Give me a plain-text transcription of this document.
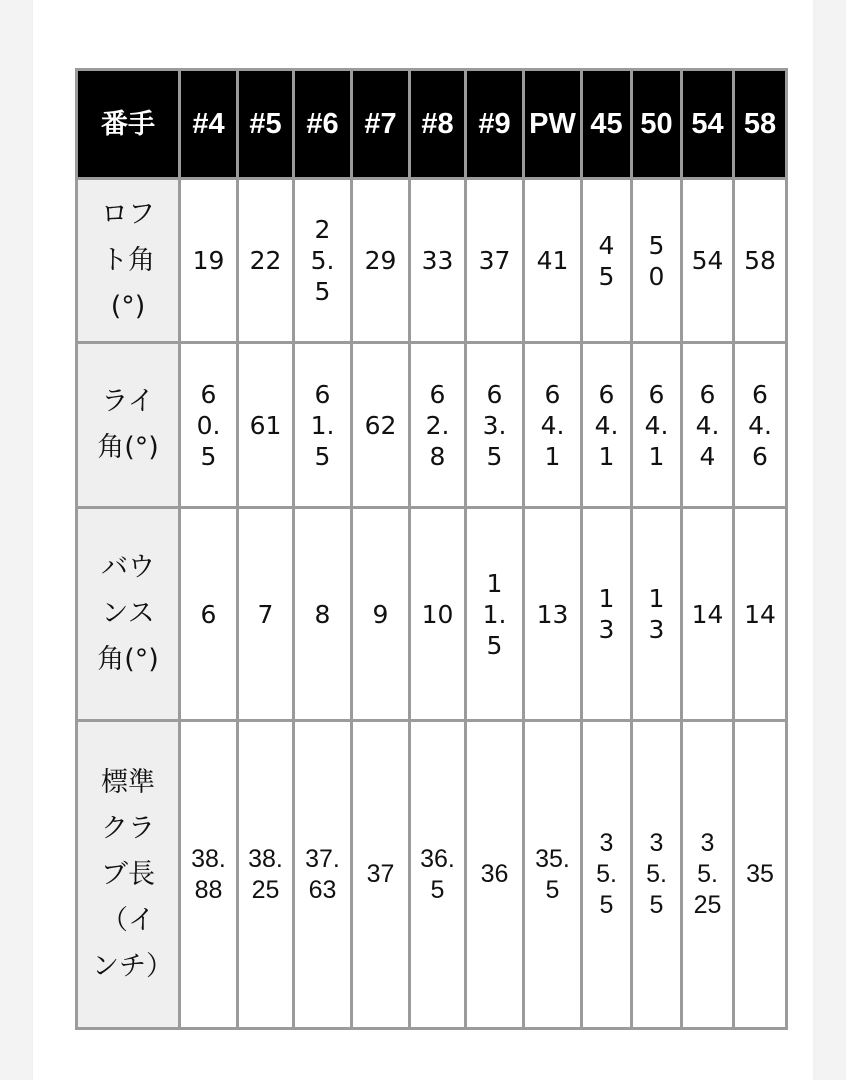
番手	#4	#5	#6	#7	#8	#9	PW	45	50	54	58
ロフト角(°)	19	22	25.5	29	33	37	41	45	50	54	58
ライ角(°)	60.5	61	61.5	62	62.8	63.5	64.1	64.1	64.1	64.4	64.6
バウンス角(°)	6	7	8	9	10	11.5	13	13	13	14	14
標準クラブ長（インチ）	38.88	38.25	37.63	37	36.5	36	35.5	35.5	35.5	35.25	35
